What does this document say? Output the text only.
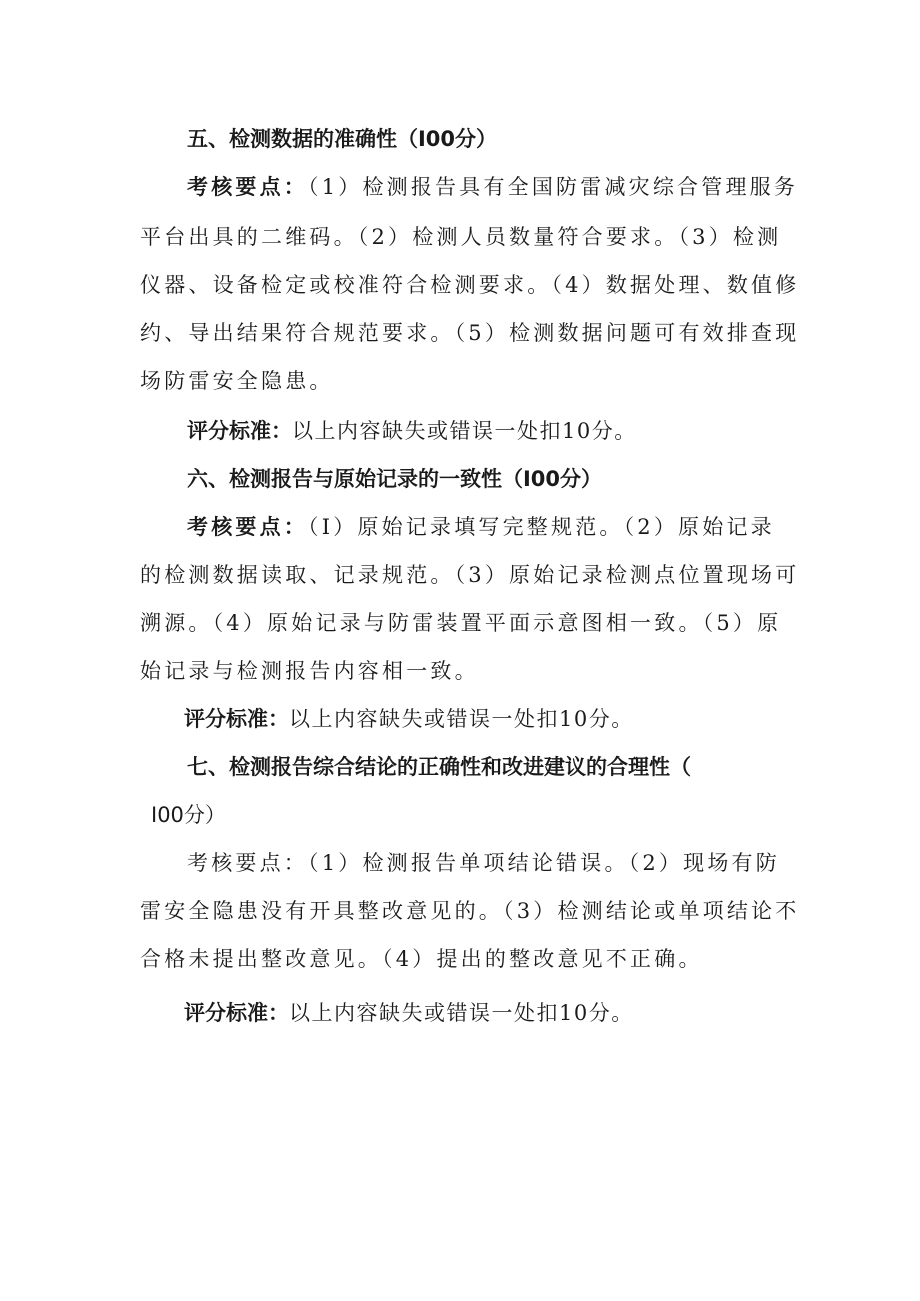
五、检测数据的准确性（I00分）
考核要点：（1）检测报告具有全国防雷减灾综合管理服务
平台出具的二维码。（2）检测人员数量符合要求。（3）检测
仪器、设备检定或校准符合检测要求。（4）数据处理、数值修
约、导出结果符合规范要求。（5）检测数据问题可有效排查现
场防雷安全隐患。
评分标准：以上内容缺失或错误一处扣10分。
六、检测报告与原始记录的一致性（I00分）
考核要点：（I）原始记录填写完整规范。（2）原始记录
的检测数据读取、记录规范。（3）原始记录检测点位置现场可
溯源。（4）原始记录与防雷装置平面示意图相一致。（5）原
始记录与检测报告内容相一致。
评分标准：以上内容缺失或错误一处扣10分。
七、检测报告综合结论的正确性和改进建议的合理性（
I00分）
考核要点：（1）检测报告单项结论错误。（2）现场有防
雷安全隐患没有开具整改意见的。（3）检测结论或单项结论不
合格未提出整改意见。（4）提出的整改意见不正确。
评分标准：以上内容缺失或错误一处扣10分。
